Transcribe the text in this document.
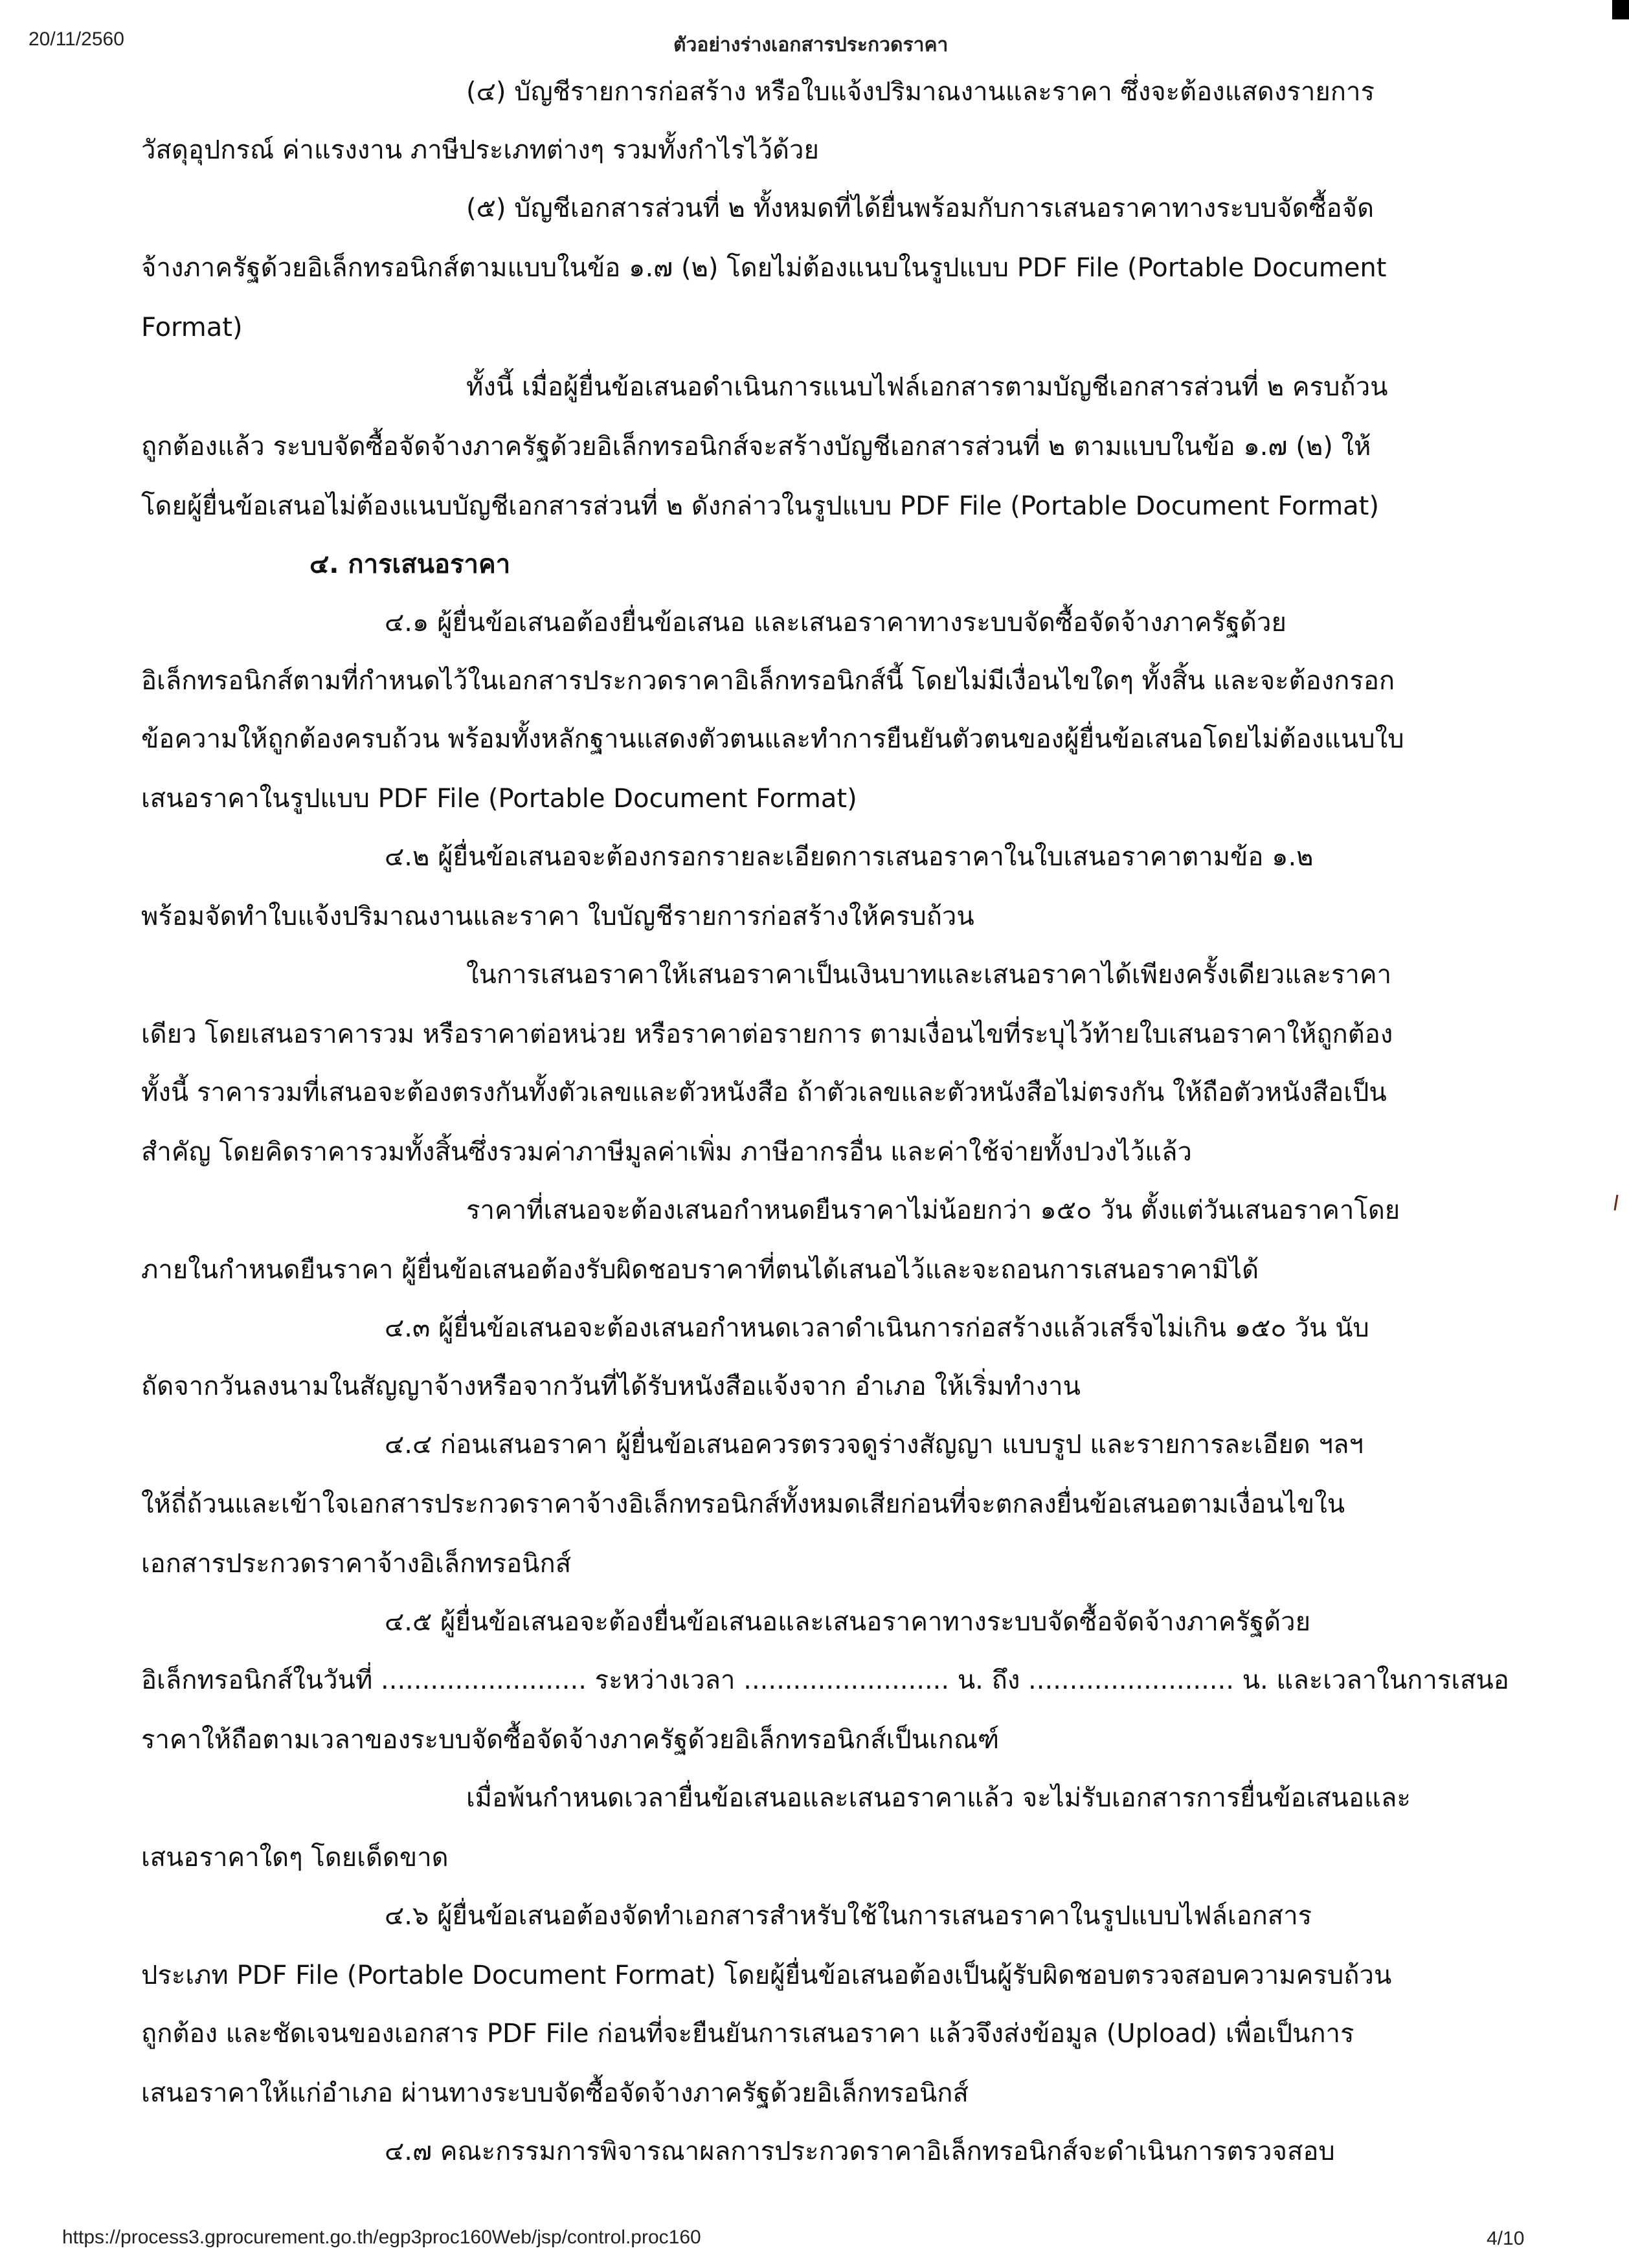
20/11/2560	ตัวอย่างร่างเอกสารประกวดราคา
(๔) บัญชีรายการก่อสร้าง หรือใบแจ้งปริมาณงานและราคา ซึ่งจะต้องแสดงรายการ
วัสดุอุปกรณ์ ค่าแรงงาน ภาษีประเภทต่างๆ รวมทั้งกำไรไว้ด้วย
(๕) บัญชีเอกสารส่วนที่ ๒ ทั้งหมดที่ได้ยื่นพร้อมกับการเสนอราคาทางระบบจัดซื้อจัด
จ้างภาครัฐด้วยอิเล็กทรอนิกส์ตามแบบในข้อ ๑.๗ (๒) โดยไม่ต้องแนบในรูปแบบ PDF File (Portable Document
Format)
ทั้งนี้ เมื่อผู้ยื่นข้อเสนอดำเนินการแนบไฟล์เอกสารตามบัญชีเอกสารส่วนที่ ๒ ครบถ้วน
ถูกต้องแล้ว ระบบจัดซื้อจัดจ้างภาครัฐด้วยอิเล็กทรอนิกส์จะสร้างบัญชีเอกสารส่วนที่ ๒ ตามแบบในข้อ ๑.๗ (๒) ให้
โดยผู้ยื่นข้อเสนอไม่ต้องแนบบัญชีเอกสารส่วนที่ ๒ ดังกล่าวในรูปแบบ PDF File (Portable Document Format)
๔. การเสนอราคา
๔.๑ ผู้ยื่นข้อเสนอต้องยื่นข้อเสนอ และเสนอราคาทางระบบจัดซื้อจัดจ้างภาครัฐด้วย
อิเล็กทรอนิกส์ตามที่กำหนดไว้ในเอกสารประกวดราคาอิเล็กทรอนิกส์นี้ โดยไม่มีเงื่อนไขใดๆ ทั้งสิ้น และจะต้องกรอก
ข้อความให้ถูกต้องครบถ้วน พร้อมทั้งหลักฐานแสดงตัวตนและทำการยืนยันตัวตนของผู้ยื่นข้อเสนอโดยไม่ต้องแนบใบ
เสนอราคาในรูปแบบ PDF File (Portable Document Format)
๔.๒ ผู้ยื่นข้อเสนอจะต้องกรอกรายละเอียดการเสนอราคาในใบเสนอราคาตามข้อ ๑.๒
พร้อมจัดทำใบแจ้งปริมาณงานและราคา ใบบัญชีรายการก่อสร้างให้ครบถ้วน
ในการเสนอราคาให้เสนอราคาเป็นเงินบาทและเสนอราคาได้เพียงครั้งเดียวและราคา
เดียว โดยเสนอราคารวม หรือราคาต่อหน่วย หรือราคาต่อรายการ ตามเงื่อนไขที่ระบุไว้ท้ายใบเสนอราคาให้ถูกต้อง
ทั้งนี้ ราคารวมที่เสนอจะต้องตรงกันทั้งตัวเลขและตัวหนังสือ ถ้าตัวเลขและตัวหนังสือไม่ตรงกัน ให้ถือตัวหนังสือเป็น
สำคัญ โดยคิดราคารวมทั้งสิ้นซึ่งรวมค่าภาษีมูลค่าเพิ่ม ภาษีอากรอื่น และค่าใช้จ่ายทั้งปวงไว้แล้ว
ราคาที่เสนอจะต้องเสนอกำหนดยืนราคาไม่น้อยกว่า ๑๕๐ วัน ตั้งแต่วันเสนอราคาโดย
ภายในกำหนดยืนราคา ผู้ยื่นข้อเสนอต้องรับผิดชอบราคาที่ตนได้เสนอไว้และจะถอนการเสนอราคามิได้
๔.๓ ผู้ยื่นข้อเสนอจะต้องเสนอกำหนดเวลาดำเนินการก่อสร้างแล้วเสร็จไม่เกิน ๑๕๐ วัน นับ
ถัดจากวันลงนามในสัญญาจ้างหรือจากวันที่ได้รับหนังสือแจ้งจาก อำเภอ ให้เริ่มทำงาน
๔.๔ ก่อนเสนอราคา ผู้ยื่นข้อเสนอควรตรวจดูร่างสัญญา แบบรูป และรายการละเอียด ฯลฯ
ให้ถี่ถ้วนและเข้าใจเอกสารประกวดราคาจ้างอิเล็กทรอนิกส์ทั้งหมดเสียก่อนที่จะตกลงยื่นข้อเสนอตามเงื่อนไขใน
เอกสารประกวดราคาจ้างอิเล็กทรอนิกส์
๔.๕ ผู้ยื่นข้อเสนอจะต้องยื่นข้อเสนอและเสนอราคาทางระบบจัดซื้อจัดจ้างภาครัฐด้วย
อิเล็กทรอนิกส์ในวันที่ ......................... ระหว่างเวลา ......................... น. ถึง ......................... น. และเวลาในการเสนอ
ราคาให้ถือตามเวลาของระบบจัดซื้อจัดจ้างภาครัฐด้วยอิเล็กทรอนิกส์เป็นเกณฑ์
เมื่อพ้นกำหนดเวลายื่นข้อเสนอและเสนอราคาแล้ว จะไม่รับเอกสารการยื่นข้อเสนอและ
เสนอราคาใดๆ โดยเด็ดขาด
๔.๖ ผู้ยื่นข้อเสนอต้องจัดทำเอกสารสำหรับใช้ในการเสนอราคาในรูปแบบไฟล์เอกสาร
ประเภท PDF File (Portable Document Format) โดยผู้ยื่นข้อเสนอต้องเป็นผู้รับผิดชอบตรวจสอบความครบถ้วน
ถูกต้อง และชัดเจนของเอกสาร PDF File ก่อนที่จะยืนยันการเสนอราคา แล้วจึงส่งข้อมูล (Upload) เพื่อเป็นการ
เสนอราคาให้แก่อำเภอ ผ่านทางระบบจัดซื้อจัดจ้างภาครัฐด้วยอิเล็กทรอนิกส์
๔.๗ คณะกรรมการพิจารณาผลการประกวดราคาอิเล็กทรอนิกส์จะดำเนินการตรวจสอบ
https://process3.gprocurement.go.th/egp3proc160Web/jsp/control.proc160	4/10
